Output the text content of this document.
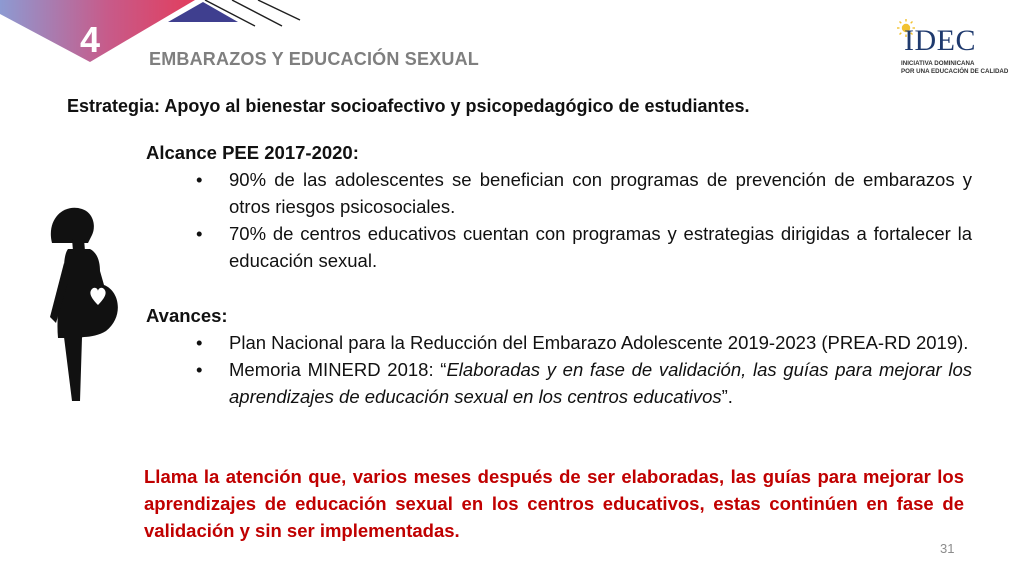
4	EMBARAZOS Y EDUCACIÓN SEXUAL
IDEC
INICIATIVA DOMINICANA
POR UNA EDUCACIÓN DE CALIDAD
Estrategia: Apoyo al bienestar socioafectivo y psicopedagógico de estudiantes.
Alcance PEE 2017-2020:
• 90% de las adolescentes se benefician con programas de prevención de embarazos y otros riesgos psicosociales.
• 70% de centros educativos cuentan con programas y estrategias dirigidas a fortalecer la educación sexual.
Avances:
• Plan Nacional para la Reducción del Embarazo Adolescente 2019-2023 (PREA-RD 2019).
• Memoria MINERD 2018: “Elaboradas y en fase de validación, las guías para mejorar los aprendizajes de educación sexual en los centros educativos”.
Llama la atención que, varios meses después de ser elaboradas, las guías para mejorar los aprendizajes de educación sexual en los centros educativos, estas continúen en fase de validación y sin ser implementadas.
31
